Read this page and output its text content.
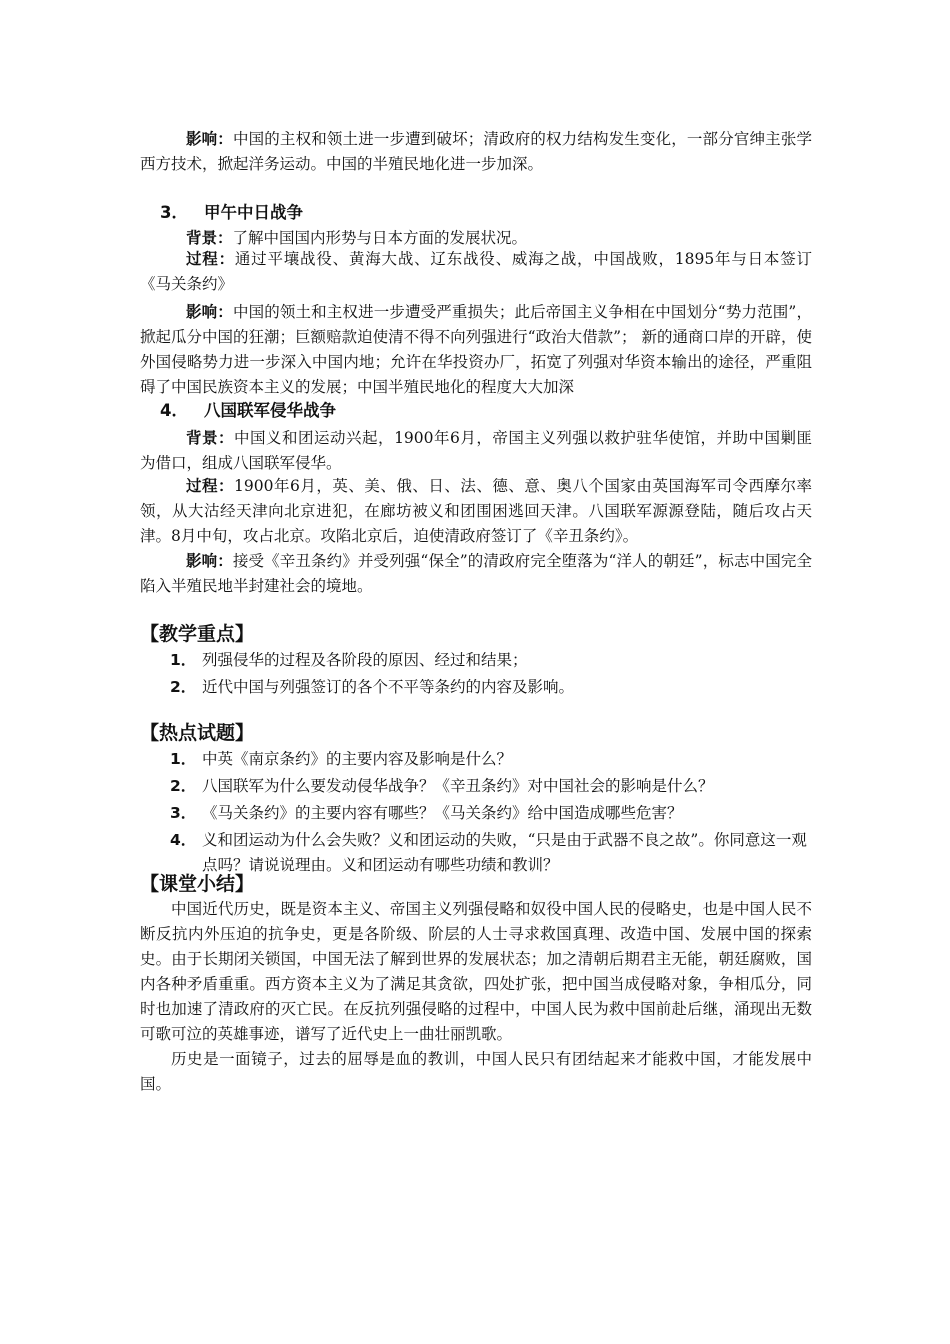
影响：中国的主权和领土进一步遭到破坏；清政府的权力结构发生变化，一部分官绅主张学西方技术，掀起洋务运动。中国的半殖民地化进一步加深。

3． 甲午中日战争

背景：了解中国国内形势与日本方面的发展状况。

过程：通过平壤战役、黄海大战、辽东战役、威海之战，中国战败，1895年与日本签订《马关条约》

影响：中国的领土和主权进一步遭受严重损失；此后帝国主义争相在中国划分“势力范围”，掀起瓜分中国的狂潮；巨额赔款迫使清不得不向列强进行“政治大借款”； 新的通商口岸的开辟，使外国侵略势力进一步深入中国内地；允许在华投资办厂，拓宽了列强对华资本输出的途径，严重阻碍了中国民族资本主义的发展；中国半殖民地化的程度大大加深

4． 八国联军侵华战争

背景：中国义和团运动兴起，1900年6月，帝国主义列强以救护驻华使馆，并助中国剿匪 为借口，组成八国联军侵华。

过程：1900年6月，英、美、俄、日、法、德、意、奥八个国家由英国海军司令西摩尔率领，从大沽经天津向北京进犯，在廊坊被义和团围困逃回天津。八国联军源源登陆，随后攻占天津。8月中旬，攻占北京。攻陷北京后，迫使清政府签订了《辛丑条约》。

影响：接受《辛丑条约》并受列强“保全”的清政府完全堕落为“洋人的朝廷”，标志中国完全陷入半殖民地半封建社会的境地。

【教学重点】
1． 列强侵华的过程及各阶段的原因、经过和结果；
2． 近代中国与列强签订的各个不平等条约的内容及影响。
【热点试题】
1． 中英《南京条约》的主要内容及影响是什么？
2． 八国联军为什么要发动侵华战争？《辛丑条约》对中国社会的影响是什么？
3． 《马关条约》的主要内容有哪些？《马关条约》给中国造成哪些危害？
4． 义和团运动为什么会失败？义和团运动的失败，“只是由于武器不良之故”。你同意这一观点吗？请说说理由。义和团运动有哪些功绩和教训？
【课堂小结】

中国近代历史，既是资本主义、帝国主义列强侵略和奴役中国人民的侵略史，也是中国人民不断反抗内外压迫的抗争史，更是各阶级、阶层的人士寻求救国真理、改造中国、发展中国的探索史。由于长期闭关锁国，中国无法了解到世界的发展状态；加之清朝后期君主无能，朝廷腐败，国内各种矛盾重重。西方资本主义为了满足其贪欲，四处扩张，把中国当成侵略对象，争相瓜分，同时也加速了清政府的灭亡民。在反抗列强侵略的过程中，中国人民为救中国前赴后继，涌现出无数可歌可泣的英雄事迹，谱写了近代史上一曲壮丽凯歌。

历史是一面镜子，过去的屈辱是血的教训，中国人民只有团结起来才能救中国，才能发展中国。
